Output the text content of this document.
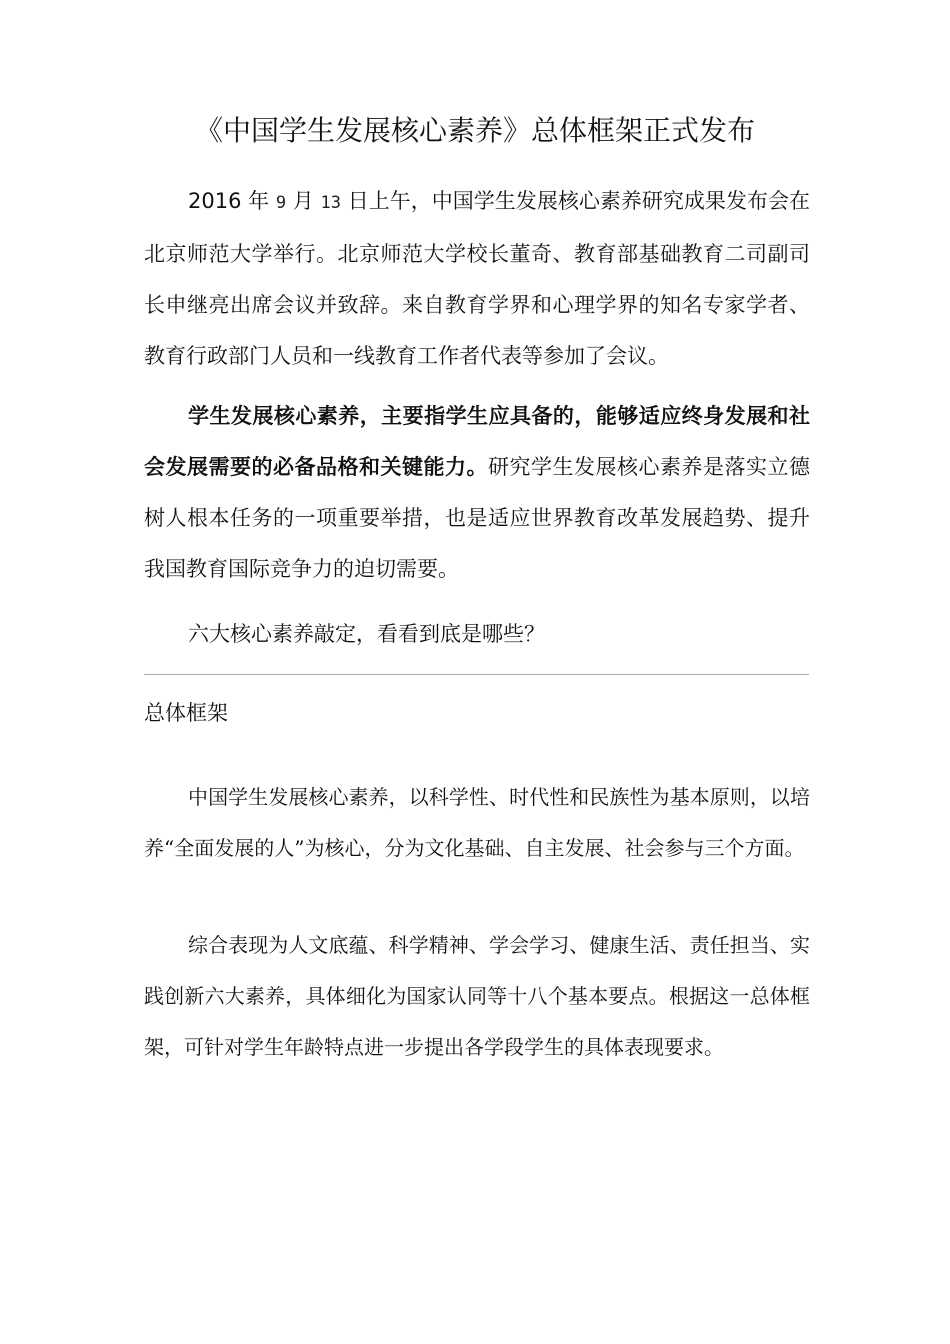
《中国学生发展核心素养》总体框架正式发布

2016 年 9 月 13 日上午，中国学生发展核心素养研究成果发布会在北京师范大学举行。北京师范大学校长董奇、教育部基础教育二司副司长申继亮出席会议并致辞。来自教育学界和心理学界的知名专家学者、教育行政部门人员和一线教育工作者代表等参加了会议。

学生发展核心素养，主要指学生应具备的，能够适应终身发展和社会发展需要的必备品格和关键能力。研究学生发展核心素养是落实立德树人根本任务的一项重要举措，也是适应世界教育改革发展趋势、提升我国教育国际竞争力的迫切需要。

六大核心素养敲定，看看到底是哪些？

总体框架

中国学生发展核心素养，以科学性、时代性和民族性为基本原则，以培养“全面发展的人”为核心，分为文化基础、自主发展、社会参与三个方面。

综合表现为人文底蕴、科学精神、学会学习、健康生活、责任担当、实践创新六大素养，具体细化为国家认同等十八个基本要点。根据这一总体框架，可针对学生年龄特点进一步提出各学段学生的具体表现要求。
